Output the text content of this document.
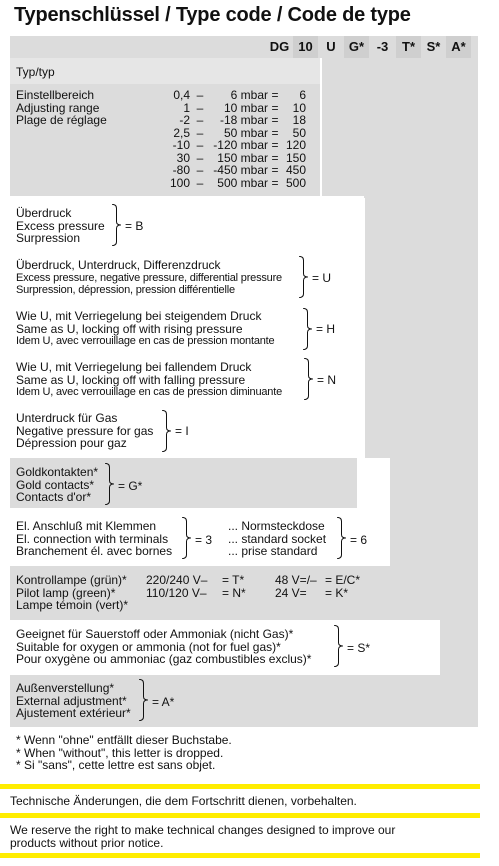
Typenschlüssel / Type code / Code de type
DG 10	U	G* -3	T* S* A*
Typ/typ
Einstellbereich
Adjusting range
Plage de réglage
0,4	–	6 mbar	=	6
1	–	10 mbar	=	10
-2	–	-18 mbar	=	18
2,5	–	50 mbar	=	50
-10	–	-120 mbar	=	120
30	–	150 mbar	=	150
-80	–	-450 mbar	=	450
100	–	500 mbar	=	500
Überdruck
Excess pressure
Surpression
= B
Überdruck, Unterdruck, Differenzdruck
Excess pressure, negative pressure, differential pressure
Surpression, dépression, pression différentielle
= U
Wie U, mit Verriegelung bei steigendem Druck
Same as U, locking off with rising pressure
Idem U, avec verrouillage en cas de pression montante
= H
Wie U, mit Verriegelung bei fallendem Druck
Same as U, locking off with falling pressure
Idem U, avec verrouillage en cas de pression diminuante
= N
Unterdruck für Gas
Negative pressure for gas
Dépression pour gaz
= I
Goldkontakten*
Gold contacts*
Contacts d'or*
= G*
El. Anschluß mit Klemmen
El. connection with terminals
Branchement él. avec bornes
= 3
... Normsteckdose
... standard socket
... prise standard
= 6
Kontrollampe (grün)*
Pilot lamp (green)*
Lampe témoin (vert)*
220/240 V– = T*	48 V=/– = E/C*
110/120 V– = N* 24 V= = K*
Geeignet für Sauerstoff oder Ammoniak (nicht Gas)*
Suitable for oxygen or ammonia (not for fuel gas)*
Pour oxygène ou ammoniac (gaz combustibles exclus)*
= S*
Außenverstellung*
External adjustment*
Ajustement extérieur*
= A*
* Wenn "ohne" entfällt dieser Buchstabe.
* When "without", this letter is dropped.
* Si "sans", cette lettre est sans objet.
Technische Änderungen, die dem Fortschritt dienen, vorbehalten.
We reserve the right to make technical changes designed to improve our
products without prior notice.
